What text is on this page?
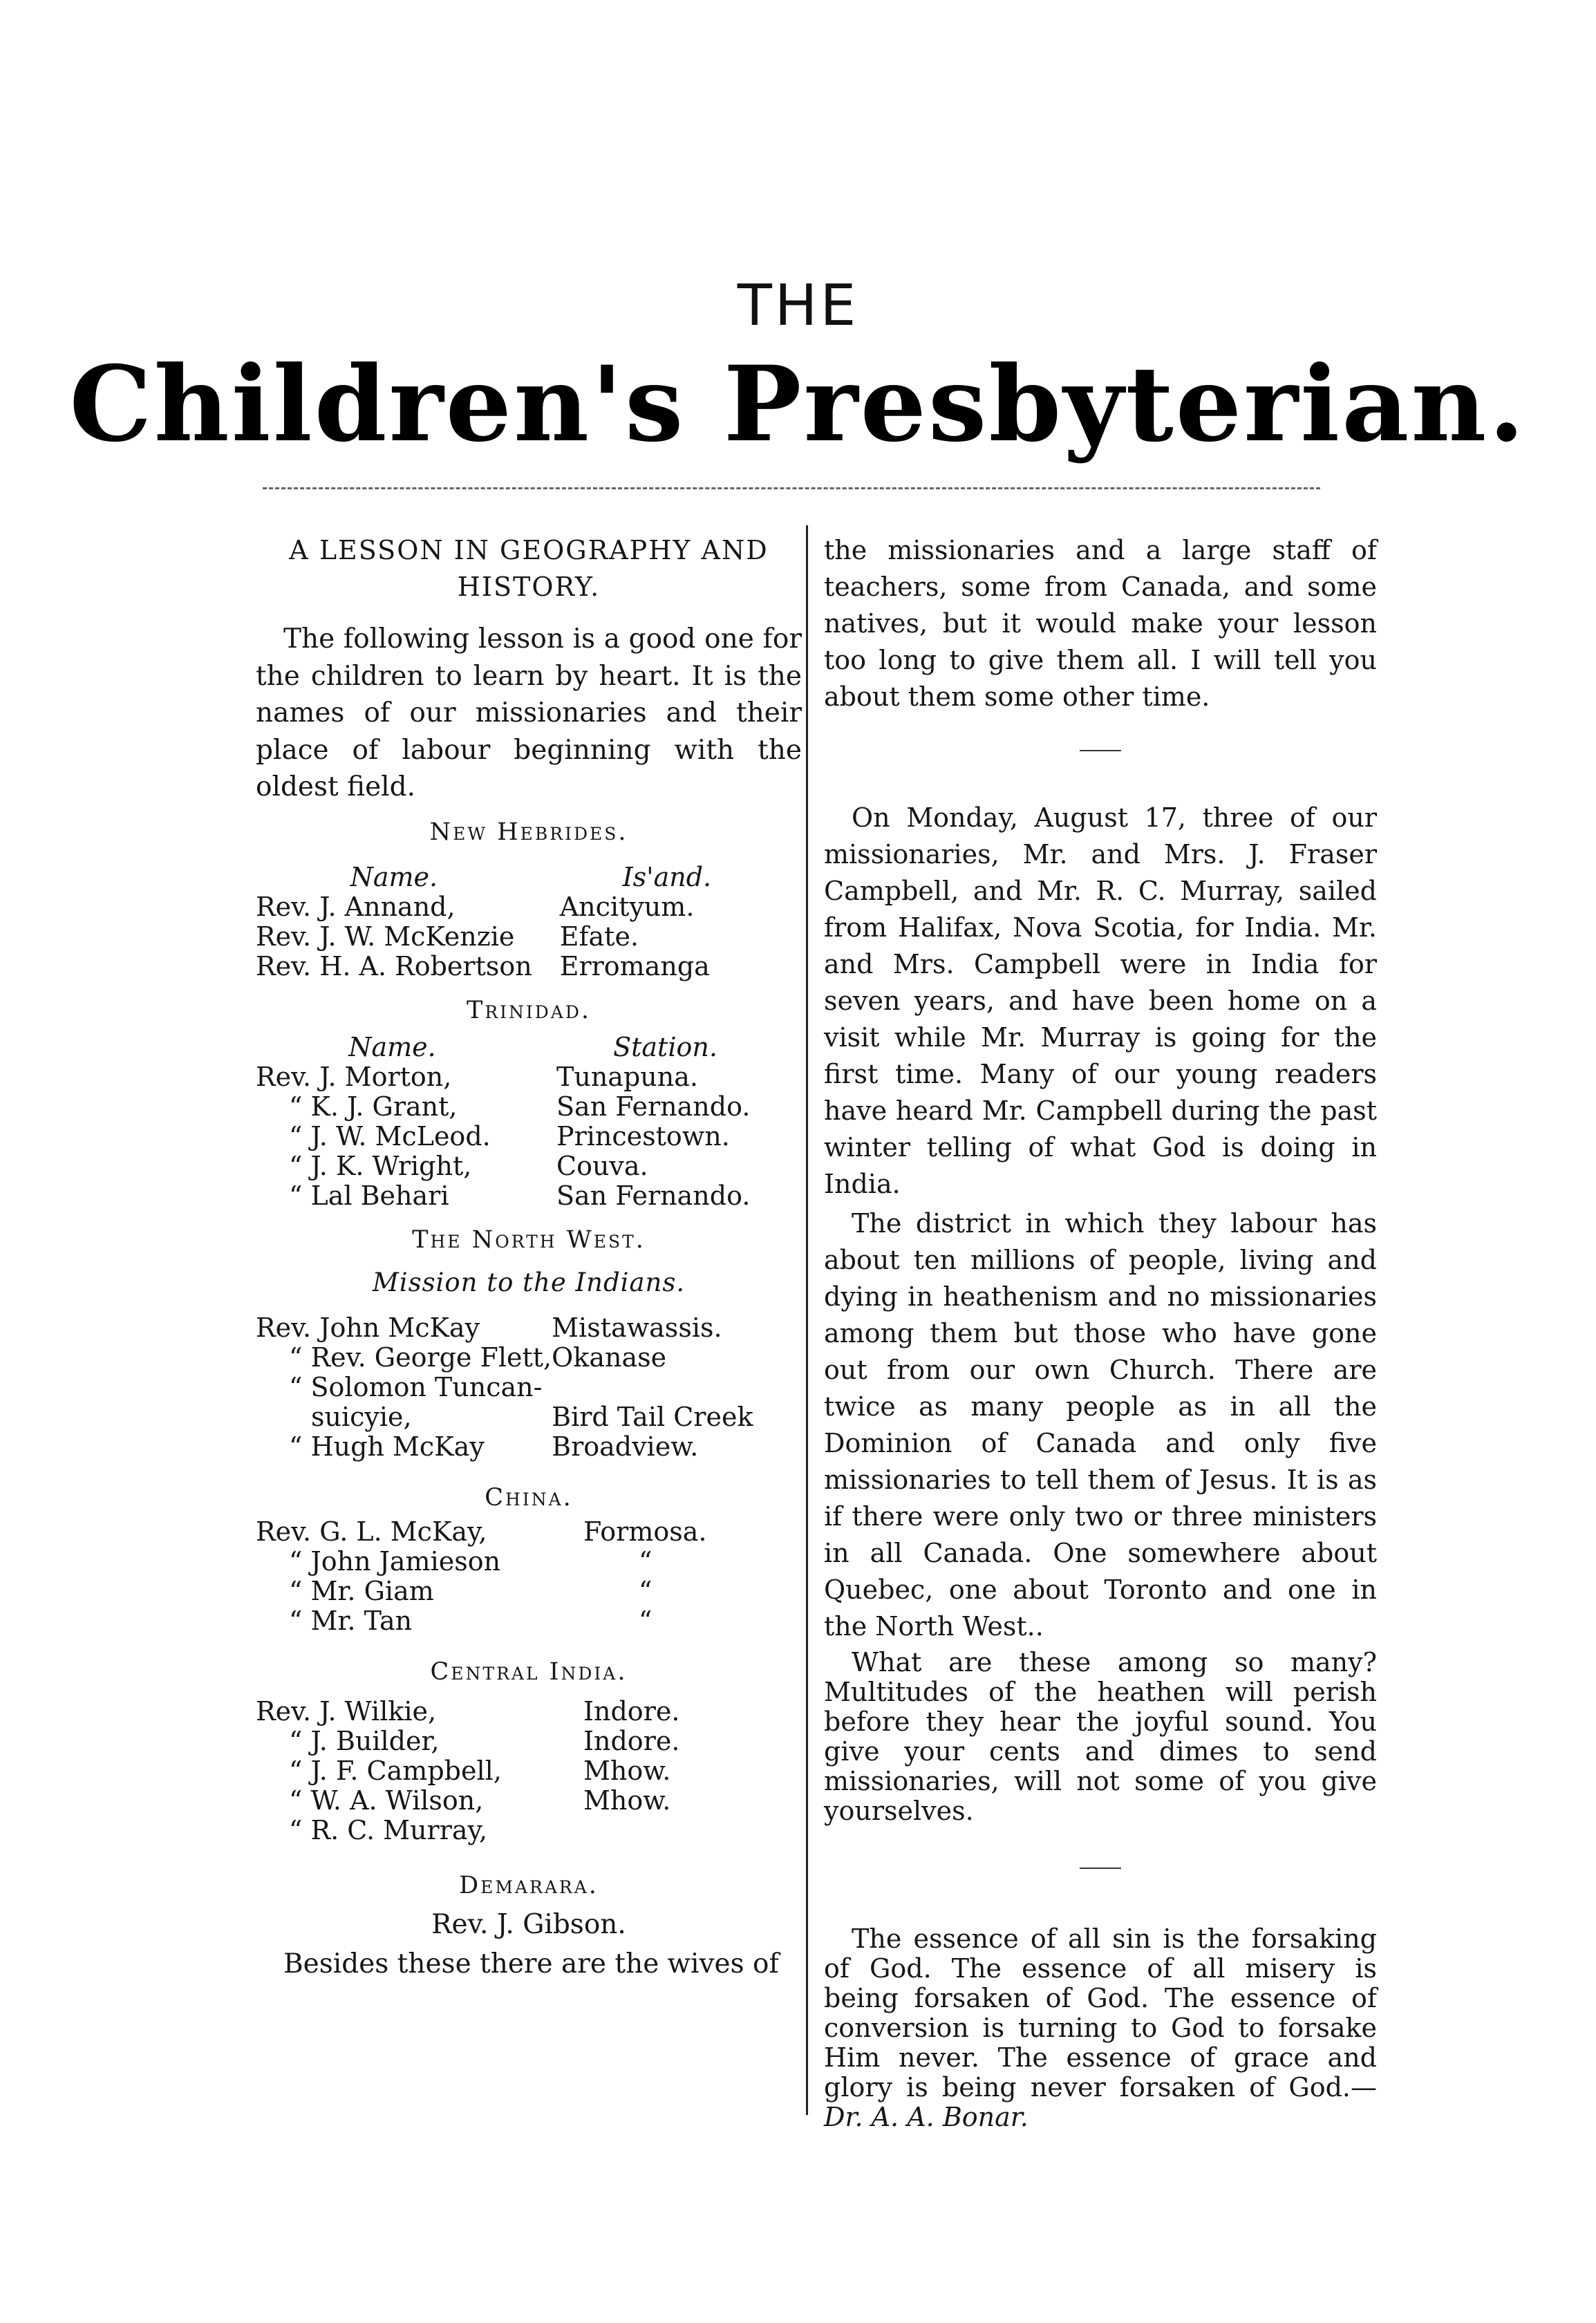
THE
Children's Presbyterian.

A LESSON IN GEOGRAPHY AND HISTORY.

The following lesson is a good one for the children to learn by heart. It is the names of our missionaries and their place of labour beginning with the oldest field.

New Hebrides.

Name.	Is'and.
Rev. J. Annand,	Ancityum.
Rev. J. W. McKenzie	Efate.
Rev. H. A. Robertson	Erromanga

Trinidad.

Name.	Station.
Rev. J. Morton,	Tunapuna.
“ K. J. Grant,	San Fernando.
“ J. W. McLeod.	Princestown.
“ J. K. Wright,	Couva.
“ Lal Behari	San Fernando.

The North West.

Mission to the Indians.

Rev. John McKay	Mistawassis.
“ Rev. George Flett,	Okanase
“ Solomon Tuncan-	
suicyie,	Bird Tail Creek
“ Hugh McKay	Broadview.

China.

Rev. G. L. McKay,	Formosa.
“ John Jamieson	“
“ Mr. Giam	“
“ Mr. Tan	“

Central India.

Rev. J. Wilkie,	Indore.
“ J. Builder,	Indore.
“ J. F. Campbell,	Mhow.
“ W. A. Wilson,	Mhow.
“ R. C. Murray,	

Demarara.

Rev. J. Gibson.

Besides these there are the wives of

the missionaries and a large staff of teachers, some from Canada, and some natives, but it would make your lesson too long to give them all. I will tell you about them some other time.

On Monday, August 17, three of our missionaries, Mr. and Mrs. J. Fraser Campbell, and Mr. R. C. Murray, sailed from Halifax, Nova Scotia, for India. Mr. and Mrs. Campbell were in India for seven years, and have been home on a visit while Mr. Murray is going for the first time. Many of our young readers have heard Mr. Campbell during the past winter telling of what God is doing in India.

The district in which they labour has about ten millions of people, living and dying in heathenism and no missionaries among them but those who have gone out from our own Church. There are twice as many people as in all the Dominion of Canada and only five missionaries to tell them of Jesus. It is as if there were only two or three ministers in all Canada. One somewhere about Quebec, one about Toronto and one in the North West..

What are these among so many? Multitudes of the heathen will perish before they hear the joyful sound. You give your cents and dimes to send missionaries, will not some of you give yourselves.

The essence of all sin is the forsaking of God. The essence of all misery is being forsaken of God. The essence of conversion is turning to God to forsake Him never. The essence of grace and glory is being never forsaken of God.— Dr. A. A. Bonar.
